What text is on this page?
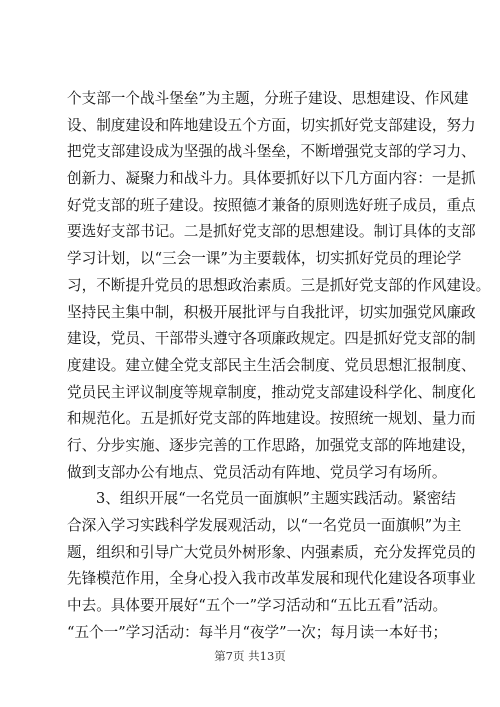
个支部一个战斗堡垒”为主题，分班子建设、思想建设、作风建
设、制度建设和阵地建设五个方面，切实抓好党支部建设，努力
把党支部建设成为坚强的战斗堡垒，不断增强党支部的学习力、
创新力、凝聚力和战斗力。具体要抓好以下几方面内容：一是抓
好党支部的班子建设。按照德才兼备的原则选好班子成员，重点
要选好支部书记。二是抓好党支部的思想建设。制订具体的支部
学习计划，以“三会一课”为主要载体，切实抓好党员的理论学
习，不断提升党员的思想政治素质。三是抓好党支部的作风建设。
坚持民主集中制，积极开展批评与自我批评，切实加强党风廉政
建设，党员、干部带头遵守各项廉政规定。四是抓好党支部的制
度建设。建立健全党支部民主生活会制度、党员思想汇报制度、
党员民主评议制度等规章制度，推动党支部建设科学化、制度化
和规范化。五是抓好党支部的阵地建设。按照统一规划、量力而
行、分步实施、逐步完善的工作思路，加强党支部的阵地建设，
做到支部办公有地点、党员活动有阵地、党员学习有场所。
3、组织开展“一名党员一面旗帜”主题实践活动。紧密结
合深入学习实践科学发展观活动，以“一名党员一面旗帜”为主
题，组织和引导广大党员外树形象、内强素质，充分发挥党员的
先锋模范作用，全身心投入我市改革发展和现代化建设各项事业
中去。具体要开展好“五个一”学习活动和“五比五看”活动。
“五个一”学习活动：每半月“夜学”一次；每月读一本好书；
第7页 共13页
